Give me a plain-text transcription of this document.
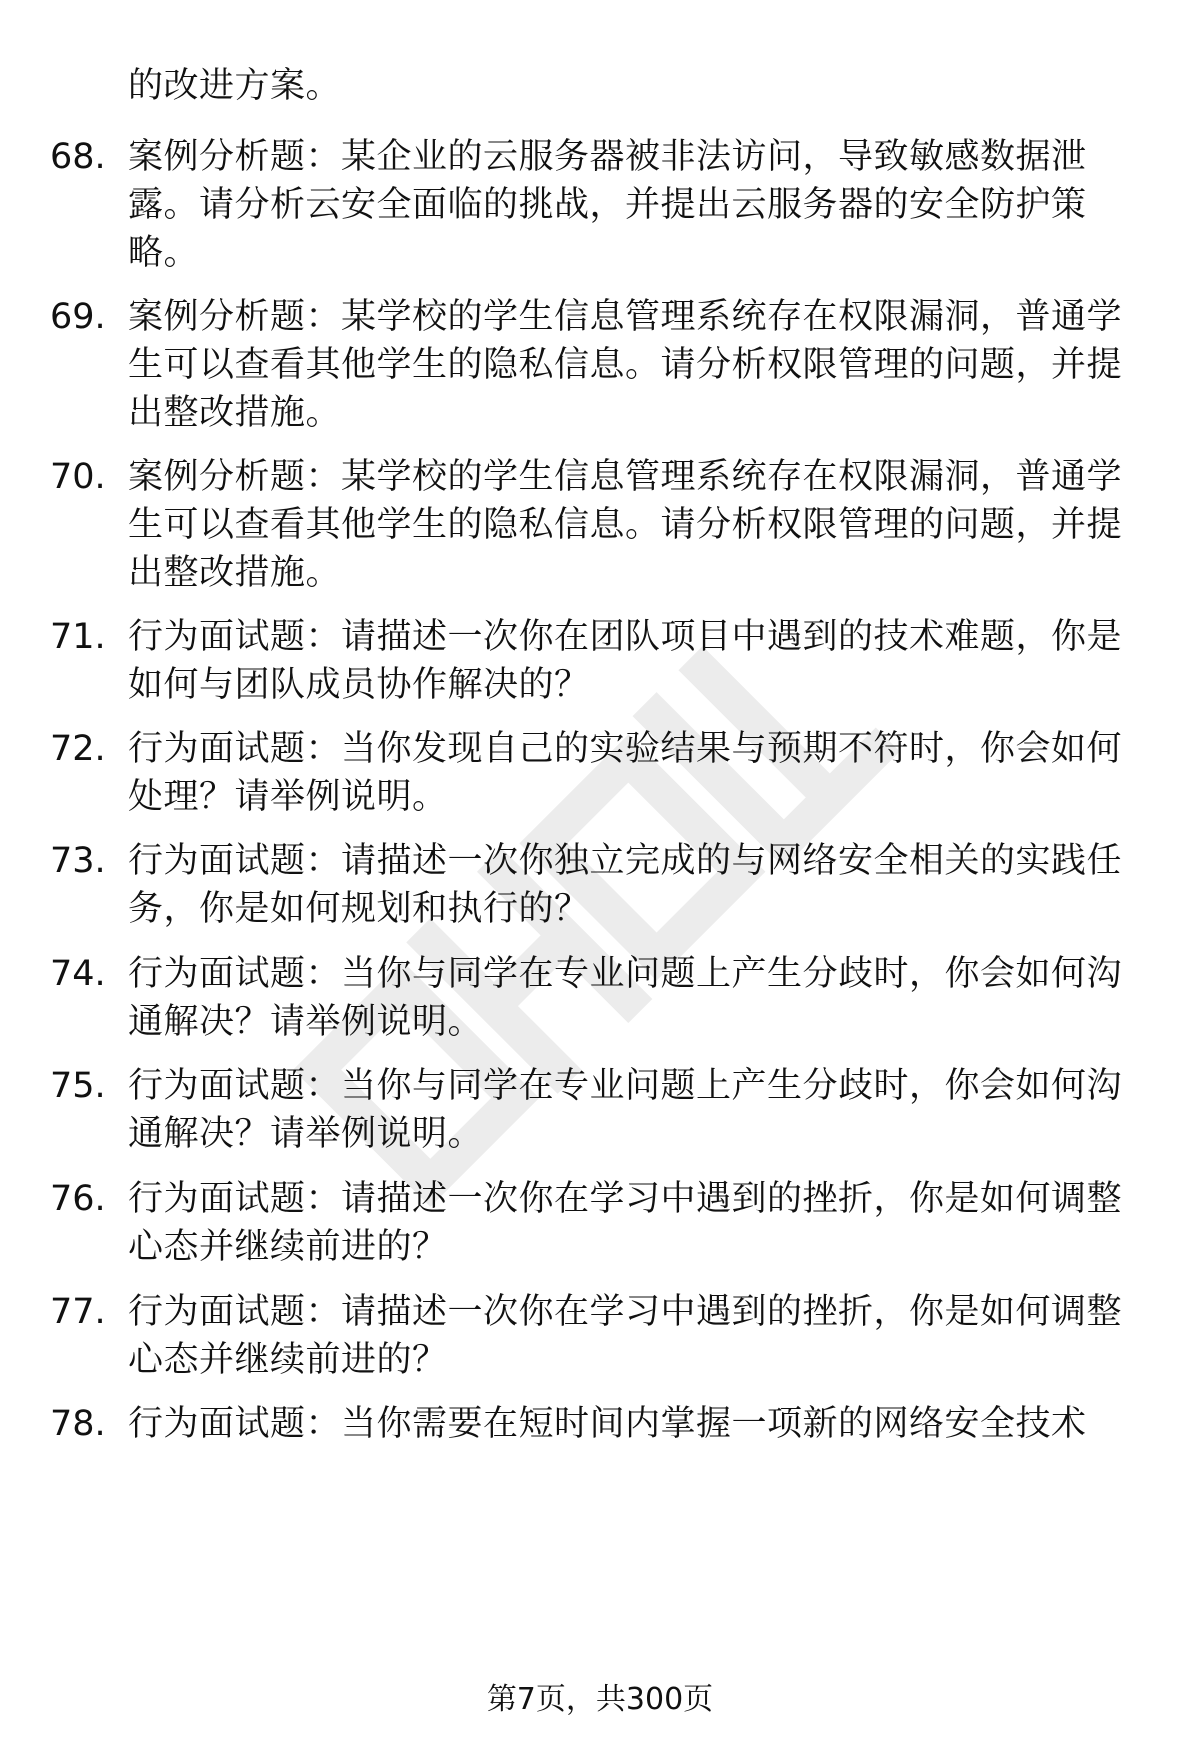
的改进方案。
68. 案例分析题：某企业的云服务器被非法访问，导致敏感数据泄
露。请分析云安全面临的挑战，并提出云服务器的安全防护策
略。
69. 案例分析题：某学校的学生信息管理系统存在权限漏洞，普通学
生可以查看其他学生的隐私信息。请分析权限管理的问题，并提
出整改措施。
70. 案例分析题：某学校的学生信息管理系统存在权限漏洞，普通学
生可以查看其他学生的隐私信息。请分析权限管理的问题，并提
出整改措施。
71. 行为面试题：请描述一次你在团队项目中遇到的技术难题，你是
如何与团队成员协作解决的？
72. 行为面试题：当你发现自己的实验结果与预期不符时，你会如何
处理？请举例说明。
73. 行为面试题：请描述一次你独立完成的与网络安全相关的实践任
务，你是如何规划和执行的？
74. 行为面试题：当你与同学在专业问题上产生分歧时，你会如何沟
通解决？请举例说明。
75. 行为面试题：当你与同学在专业问题上产生分歧时，你会如何沟
通解决？请举例说明。
76. 行为面试题：请描述一次你在学习中遇到的挫折，你是如何调整
心态并继续前进的？
77. 行为面试题：请描述一次你在学习中遇到的挫折，你是如何调整
心态并继续前进的？
78. 行为面试题：当你需要在短时间内掌握一项新的网络安全技术
第7页，共300页
